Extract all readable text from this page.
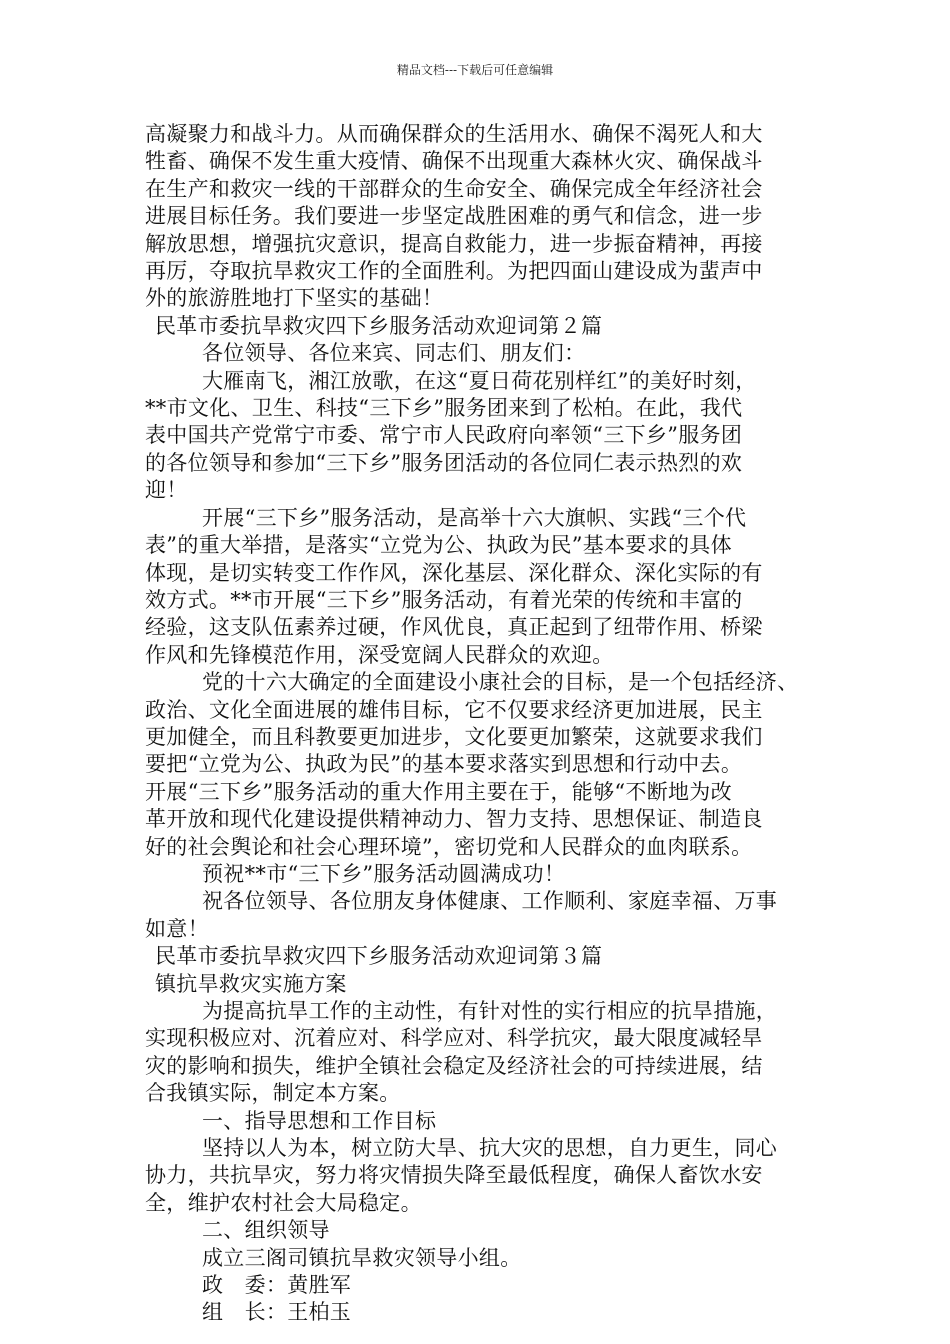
精品文档---下载后可任意编辑
高凝聚力和战斗力。从而确保群众的生活用水、确保不渴死人和大
牲畜、确保不发生重大疫情、确保不出现重大森林火灾、确保战斗
在生产和救灾一线的干部群众的生命安全、确保完成全年经济社会
进展目标任务。我们要进一步坚定战胜困难的勇气和信念，进一步
解放思想，增强抗灾意识，提高自救能力，进一步振奋精神，再接
再厉，夺取抗旱救灾工作的全面胜利。为把四面山建设成为蜚声中
外的旅游胜地打下坚实的基础！
民革市委抗旱救灾四下乡服务活动欢迎词第２篇
各位领导、各位来宾、同志们、朋友们：
大雁南飞，湘江放歌，在这“夏日荷花别样红”的美好时刻，
**市文化、卫生、科技“三下乡”服务团来到了松柏。在此，我代
表中国共产党常宁市委、常宁市人民政府向率领“三下乡”服务团
的各位领导和参加“三下乡”服务团活动的各位同仁表示热烈的欢
迎！
开展“三下乡”服务活动，是高举十六大旗帜、实践“三个代
表”的重大举措，是落实“立党为公、执政为民”基本要求的具体
体现，是切实转变工作作风，深化基层、深化群众、深化实际的有
效方式。**市开展“三下乡”服务活动，有着光荣的传统和丰富的
经验，这支队伍素养过硬，作风优良，真正起到了纽带作用、桥梁
作风和先锋模范作用，深受宽阔人民群众的欢迎。
党的十六大确定的全面建设小康社会的目标，是一个包括经济、
政治、文化全面进展的雄伟目标，它不仅要求经济更加进展，民主
更加健全，而且科教要更加进步，文化要更加繁荣，这就要求我们
要把“立党为公、执政为民”的基本要求落实到思想和行动中去。
开展“三下乡”服务活动的重大作用主要在于，能够“不断地为改
革开放和现代化建设提供精神动力、智力支持、思想保证、制造良
好的社会舆论和社会心理环境”，密切党和人民群众的血肉联系。
预祝**市“三下乡”服务活动圆满成功！
祝各位领导、各位朋友身体健康、工作顺利、家庭幸福、万事
如意！
民革市委抗旱救灾四下乡服务活动欢迎词第３篇
镇抗旱救灾实施方案
为提高抗旱工作的主动性，有针对性的实行相应的抗旱措施，
实现积极应对、沉着应对、科学应对、科学抗灾，最大限度减轻旱
灾的影响和损失，维护全镇社会稳定及经济社会的可持续进展，结
合我镇实际，制定本方案。
一、指导思想和工作目标
坚持以人为本，树立防大旱、抗大灾的思想，自力更生，同心
协力，共抗旱灾，努力将灾情损失降至最低程度，确保人畜饮水安
全，维护农村社会大局稳定。
二、组织领导
成立三阁司镇抗旱救灾领导小组。
政　委：黄胜军
组　长：王柏玉
